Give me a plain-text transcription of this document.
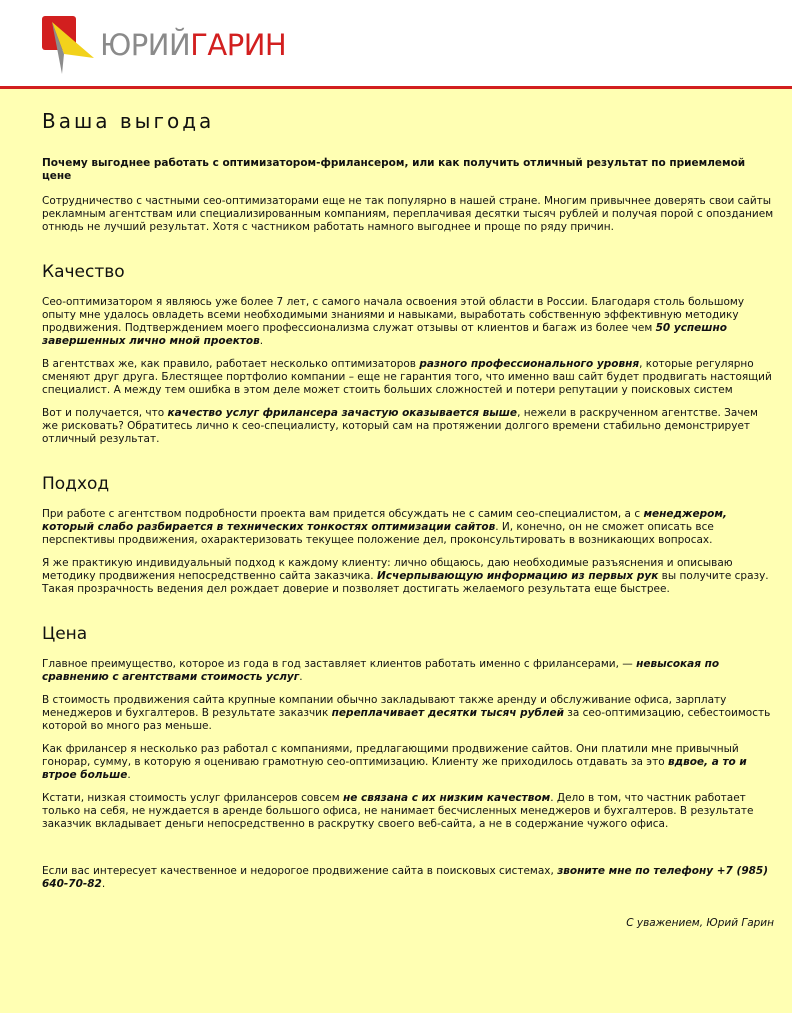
ЮРИЙГАРИН
Ваша выгода

Почему выгоднее работать с оптимизатором-фрилансером, или как получить отличный результат по приемлемой цене

Сотрудничество с частными сео-оптимизаторами еще не так популярно в нашей стране. Многим привычнее доверять свои сайты рекламным агентствам или специализированным компаниям, переплачивая десятки тысяч рублей и получая порой с опозданием отнюдь не лучший результат. Хотя с частником работать намного выгоднее и проще по ряду причин.

Качество

Сео-оптимизатором я являюсь уже более 7 лет, с самого начала освоения этой области в России. Благодаря столь большому опыту мне удалось овладеть всеми необходимыми знаниями и навыками, выработать собственную эффективную методику продвижения. Подтверждением моего профессионализма служат отзывы от клиентов и багаж из более чем 50 успешно завершенных лично мной проектов.

В агентствах же, как правило, работает несколько оптимизаторов разного профессионального уровня, которые регулярно сменяют друг друга. Блестящее портфолио компании – еще не гарантия того, что именно ваш сайт будет продвигать настоящий специалист. А между тем ошибка в этом деле может стоить больших сложностей и потери репутации у поисковых систем

Вот и получается, что качество услуг фрилансера зачастую оказывается выше, нежели в раскрученном агентстве. Зачем же рисковать? Обратитесь лично к сео-специалисту, который сам на протяжении долгого времени стабильно демонстрирует отличный результат.

Подход

При работе с агентством подробности проекта вам придется обсуждать не с самим сео-специалистом, а с менеджером, который слабо разбирается в технических тонкостях оптимизации сайтов. И, конечно, он не сможет описать все перспективы продвижения, охарактеризовать текущее положение дел, проконсультировать в возникающих вопросах.

Я же практикую индивидуальный подход к каждому клиенту: лично общаюсь, даю необходимые разъяснения и описываю методику продвижения непосредственно сайта заказчика. Исчерпывающую информацию из первых рук вы получите сразу. Такая прозрачность ведения дел рождает доверие и позволяет достигать желаемого результата еще быстрее.

Цена

Главное преимущество, которое из года в год заставляет клиентов работать именно с фрилансерами, — невысокая по сравнению с агентствами стоимость услуг.

В стоимость продвижения сайта крупные компании обычно закладывают также аренду и обслуживание офиса, зарплату менеджеров и бухгалтеров. В результате заказчик переплачивает десятки тысяч рублей за сео-оптимизацию, себестоимость которой во много раз меньше.

Как фрилансер я несколько раз работал с компаниями, предлагающими продвижение сайтов. Они платили мне привычный гонорар, сумму, в которую я оцениваю грамотную сео-оптимизацию. Клиенту же приходилось отдавать за это вдвое, а то и втрое больше.

Кстати, низкая стоимость услуг фрилансеров совсем не связана с их низким качеством. Дело в том, что частник работает только на себя, не нуждается в аренде большого офиса, не нанимает бесчисленных менеджеров и бухгалтеров. В результате заказчик вкладывает деньги непосредственно в раскрутку своего веб-сайта, а не в содержание чужого офиса.

Если вас интересует качественное и недорогое продвижение сайта в поисковых системах, звоните мне по телефону +7 (985) 640-70-82.

С уважением, Юрий Гарин
